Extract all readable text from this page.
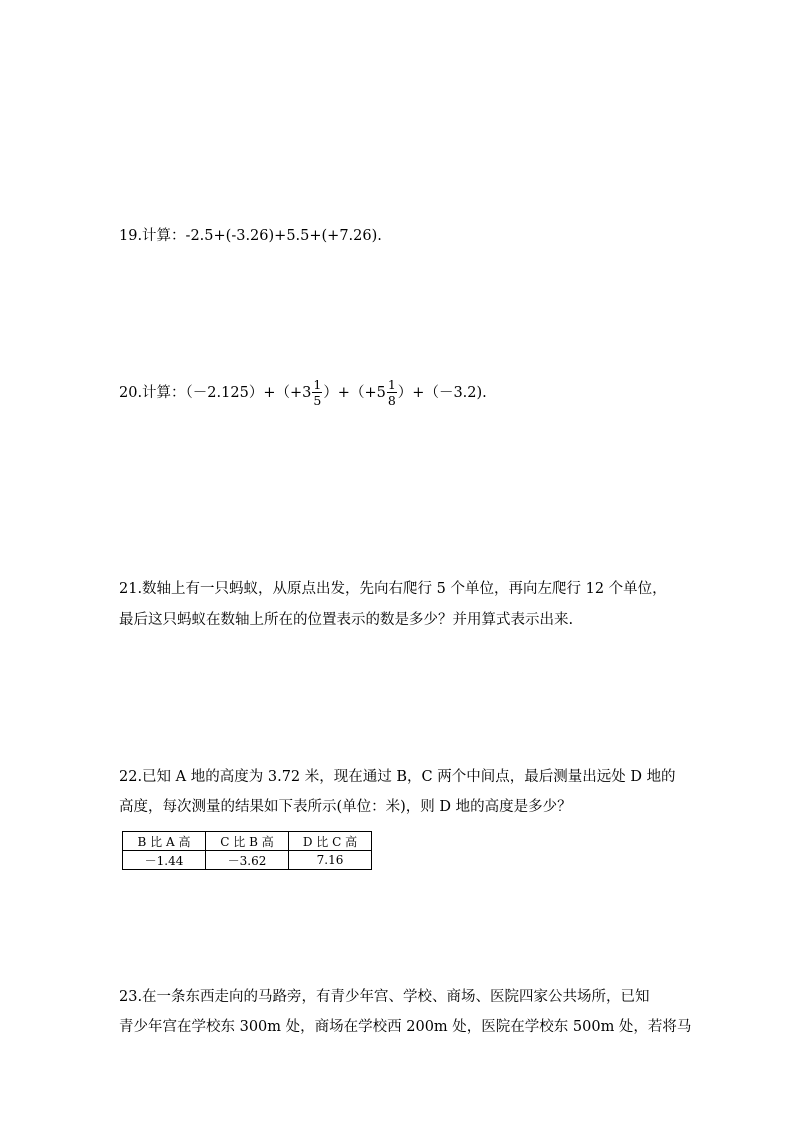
19.计算：-2.5+(-3.26)+5.5+(+7.26).
20.计算：$(-2.125)+(+3 \frac{1}{5} )+(+5 \frac{1}{8} )+(-3.2)$.
21.数轴上有一只蚂蚁，从原点出发，先向右爬行 5 个单位，再向左爬行 12 个单位，
最后这只蚂蚁在数轴上所在的位置表示的数是多少？并用算式表示出来.
22.已知 A 地的高度为 3.72 米，现在通过 B，C 两个中间点，最后测量出远处 D 地的
高度，每次测量的结果如下表所示(单位：米)，则 D 地的高度是多少？
B 比 A 高	C 比 B 高	D 比 C 高
－1.44	－3.62	7.16
23.在一条东西走向的马路旁，有青少年宫、学校、商场、医院四家公共场所，已知
青少年宫在学校东 300m 处，商场在学校西 200m 处，医院在学校东 500m 处，若将马
